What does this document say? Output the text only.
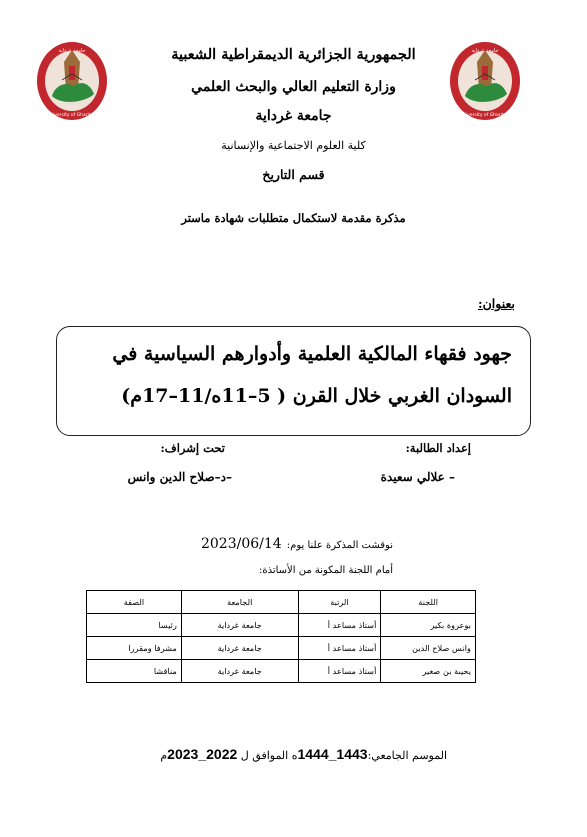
University of Ghardaia
جامعة غرداية
University of Ghardaia
جامعة غرداية
الجمهورية الجزائرية الديمقراطية الشعبية
وزارة التعليم العالي والبحث العلمي
جامعة غرداية
كلية العلوم الاجتماعية والإنسانية
قسم التاريخ
مذكرة مقدمة لاستكمال متطلبات شهادة ماستر
بعنوان:
جهود فقهاء المالكية العلمية وأدوارهم السياسية في
السودان الغربي خلال القرن ( 5–11ه/11–17م)
إعداد الطالبة:
– علالي سعيدة
تحت إشراف:
–د–صلاح الدين وانس
نوقشت المذكرة علنا يوم: 2023/06/14
أمام اللجنة المكونة من الأساتذة:
اللجنة	الرتبة	الجامعة	الصفة
بوعروة بكير	أستاذ مساعد أ	جامعة غرداية	رئيسا
وانس صلاح الدين	أستاذ مساعد أ	جامعة غرداية	مشرفا ومقررا
يحيىة بن صغير	أستاذ مساعد أ	جامعة غرداية	مناقشا
الموسم الجامعي:1443_1444ه الموافق ل 2022_2023م
